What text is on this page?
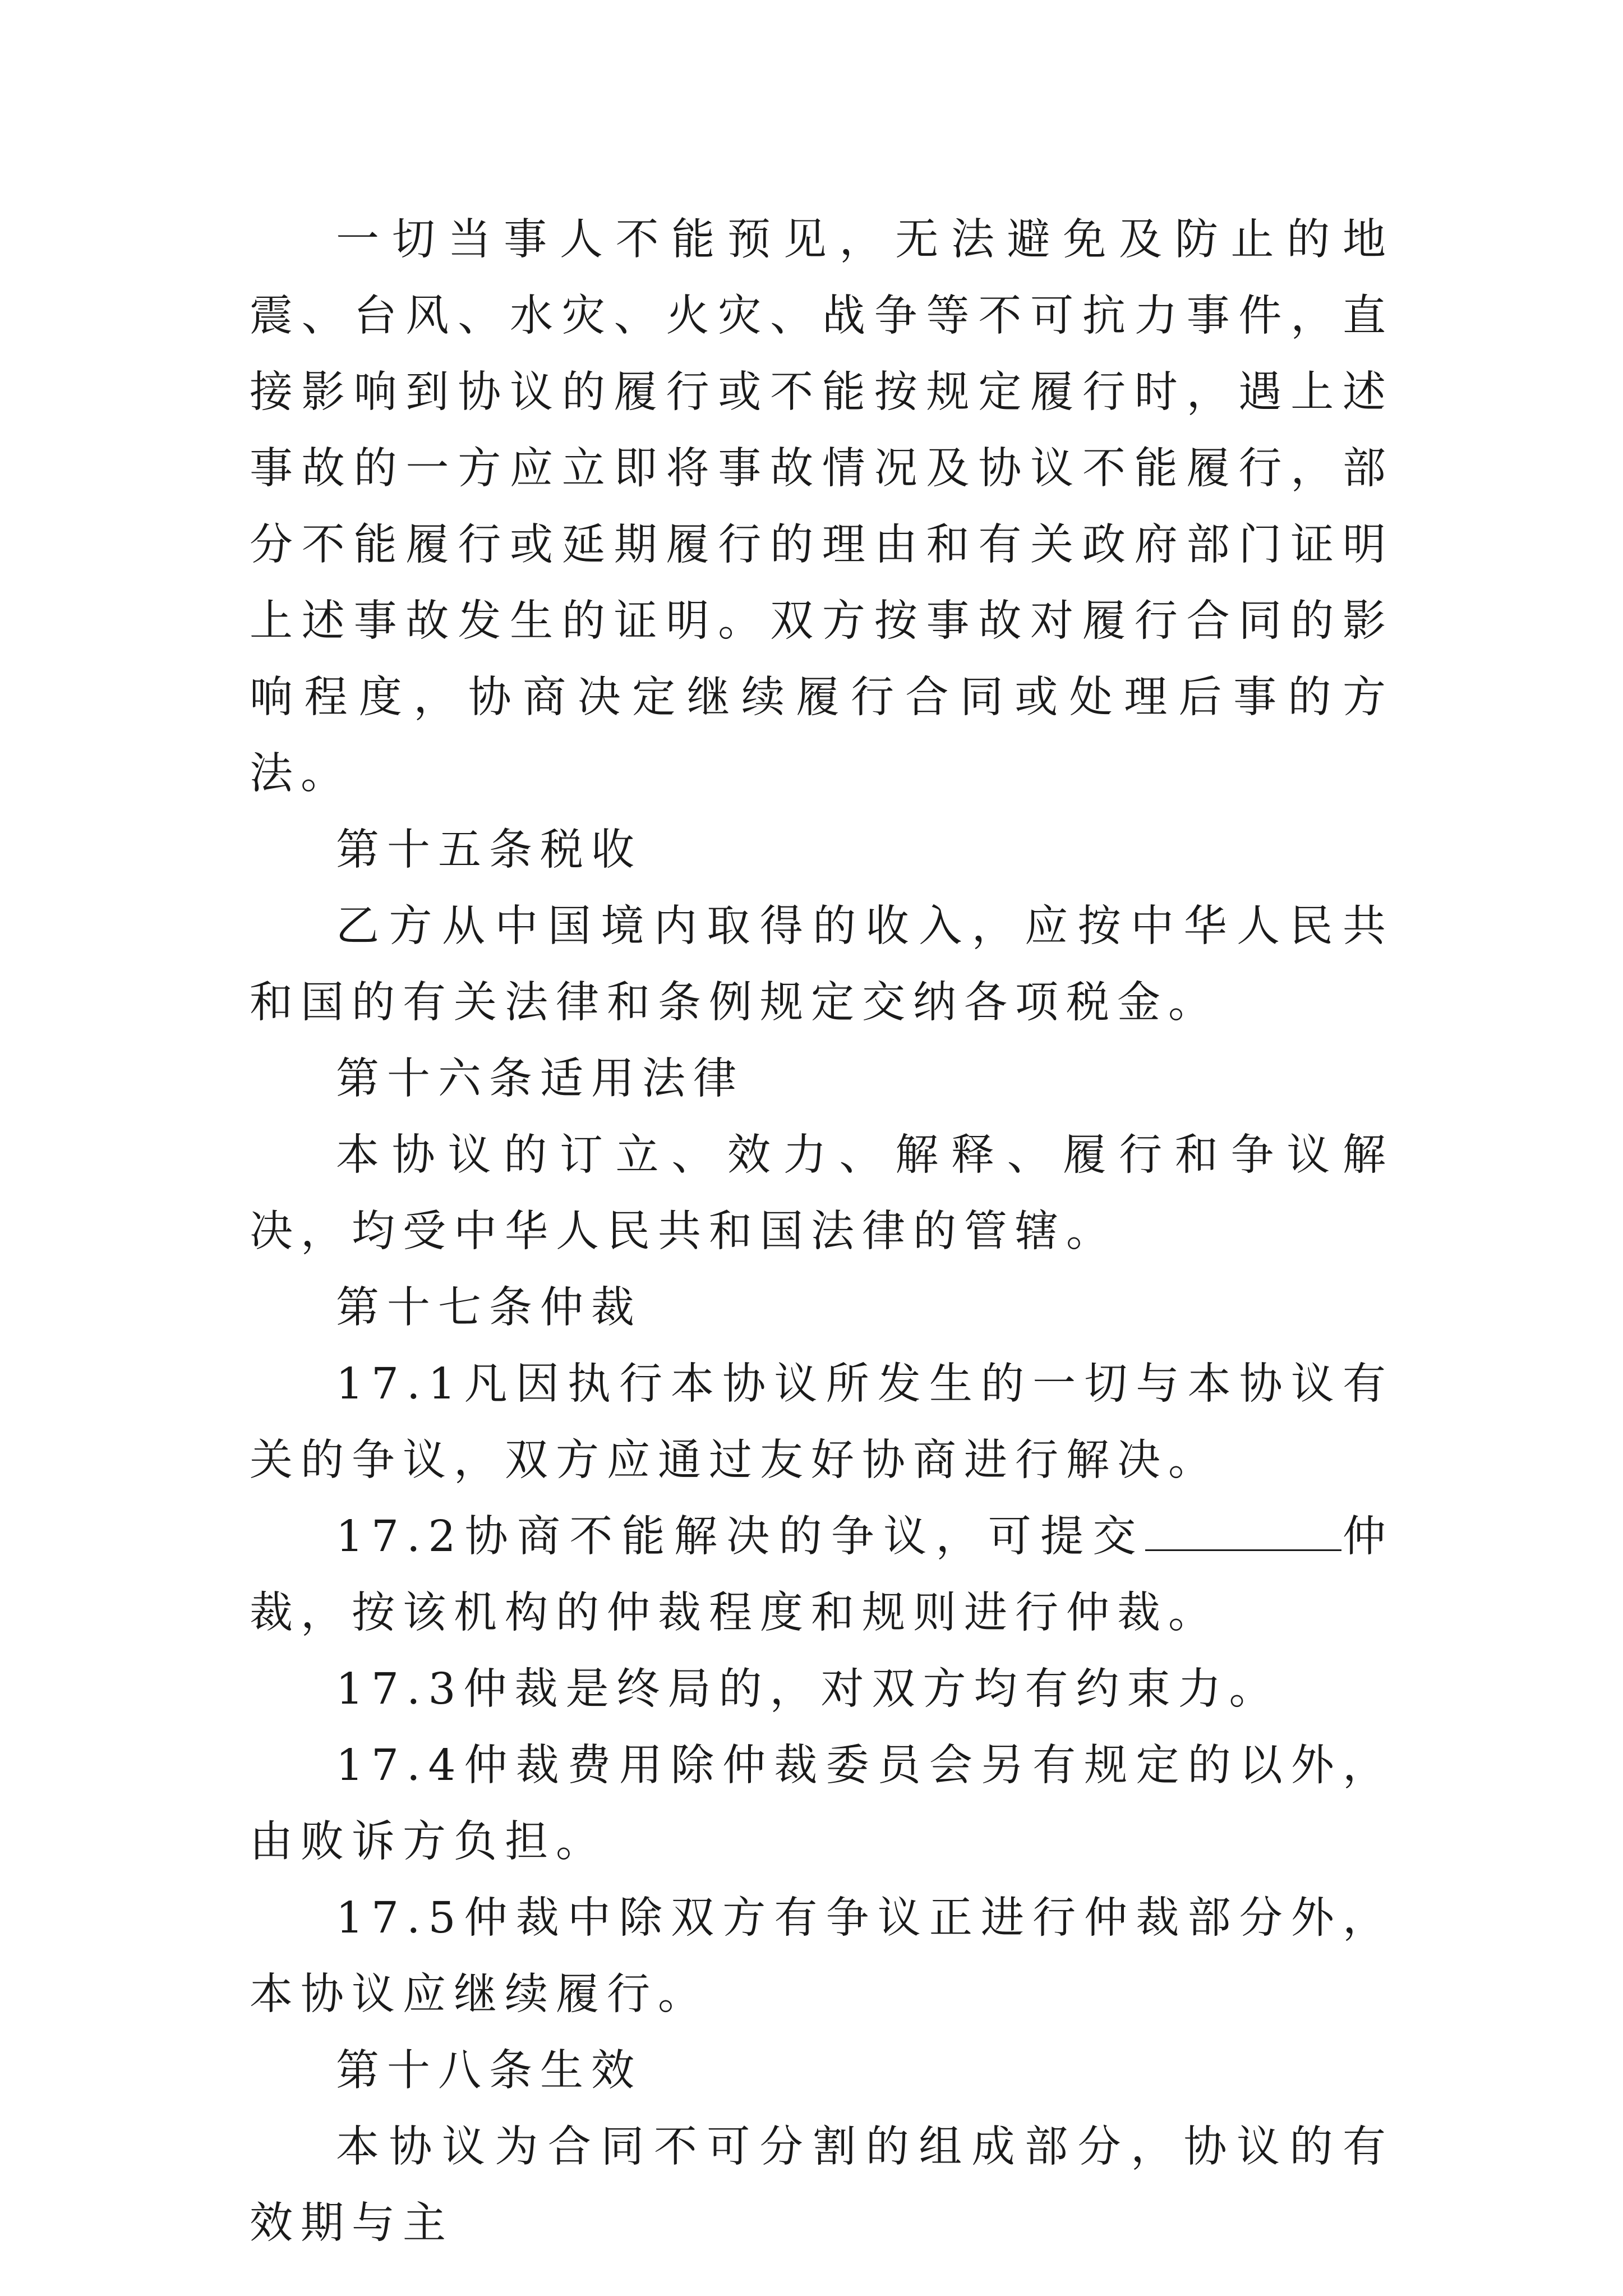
一切当事人不能预见，无法避免及防止的地震、台风、水灾、火灾、战争等不可抗力事件，直接影响到协议的履行或不能按规定履行时，遇上述事故的一方应立即将事故情况及协议不能履行，部分不能履行或延期履行的理由和有关政府部门证明上述事故发生的证明。双方按事故对履行合同的影响程度，协商决定继续履行合同或处理后事的方法。

第十五条税收

乙方从中国境内取得的收入，应按中华人民共和国的有关法律和条例规定交纳各项税金。

第十六条适用法律

本协议的订立、效力、解释、履行和争议解决，均受中华人民共和国法律的管辖。

第十七条仲裁

17.1凡因执行本协议所发生的一切与本协议有关的争议，双方应通过友好协商进行解决。

17.2协商不能解决的争议，可提交	仲裁，按该机构的仲裁程度和规则进行仲裁。

17.3仲裁是终局的，对双方均有约束力。

17.4仲裁费用除仲裁委员会另有规定的以外，由败诉方负担。

17.5仲裁中除双方有争议正进行仲裁部分外，本协议应继续履行。

第十八条生效

本协议为合同不可分割的组成部分，协议的有效期与主
